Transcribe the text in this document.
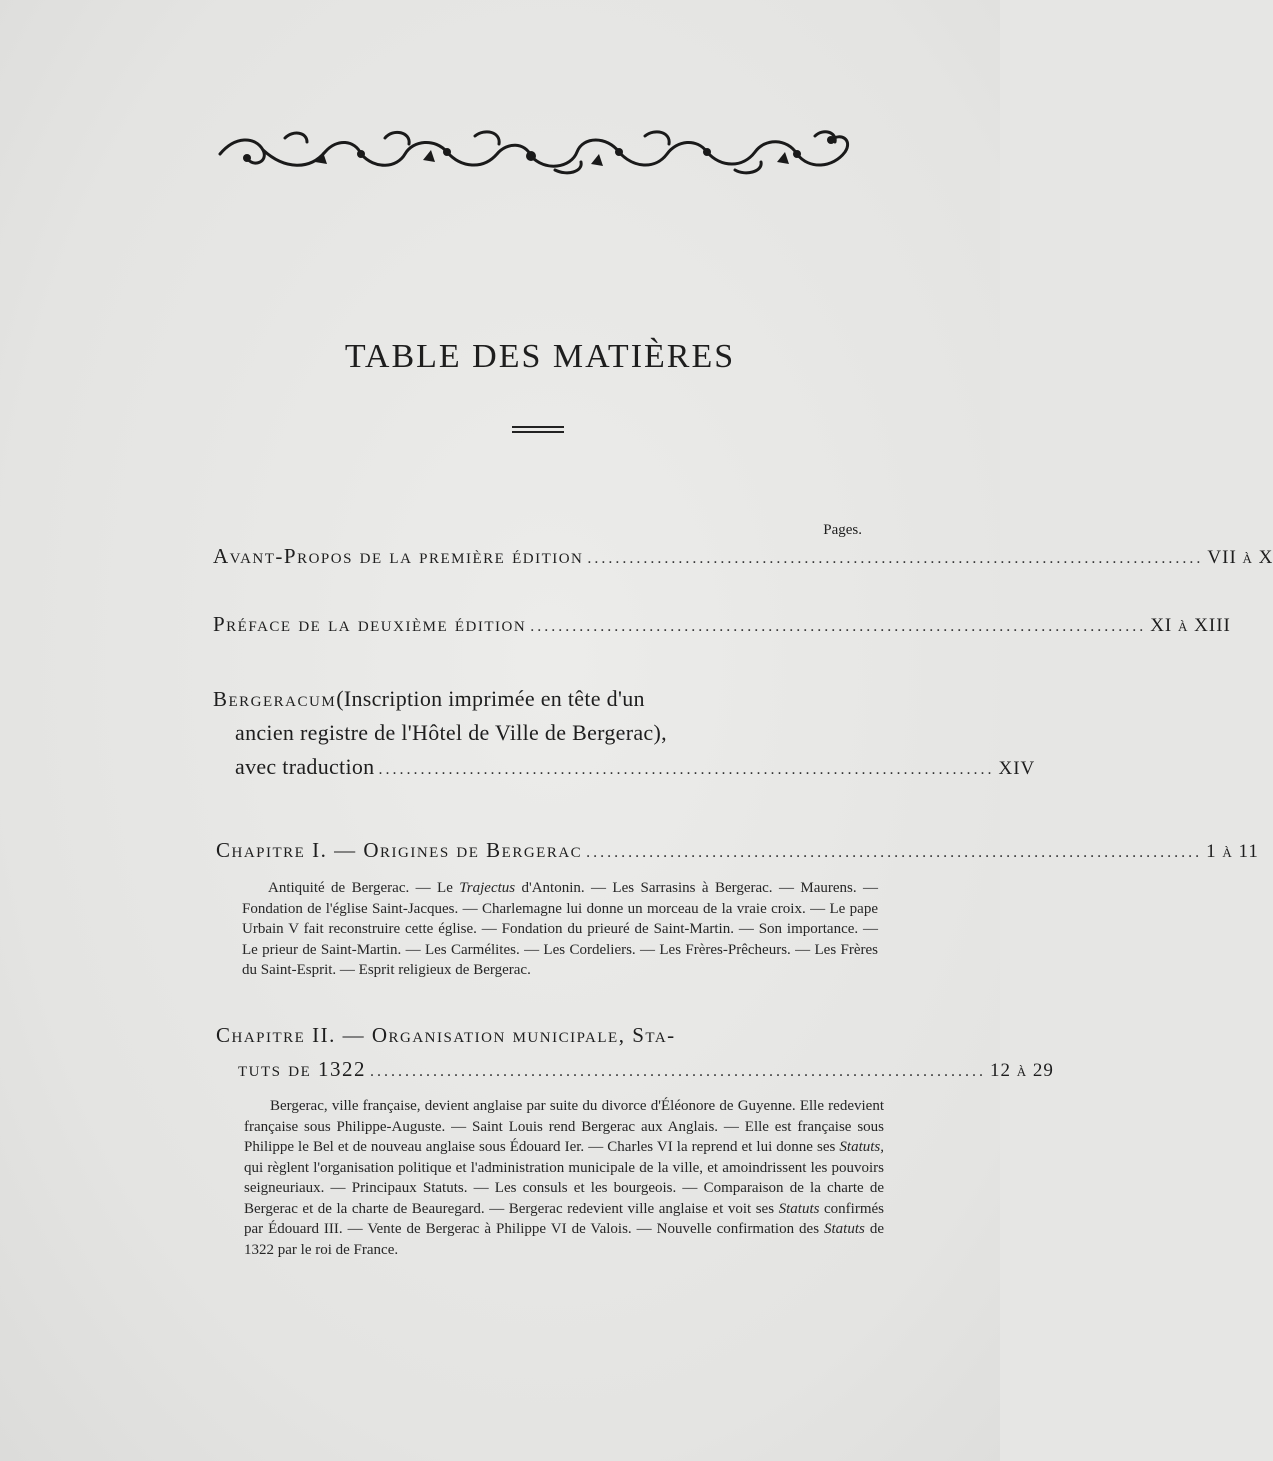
TABLE DES MATIÈRES
Pages.
Avant-Propos de la première édition ........................................................................................ VII à X
Préface de la deuxième édition ........................................................................................ XI à XIII
Bergeracum (Inscription imprimée en tête d'un
ancien registre de l'Hôtel de Ville de Bergerac),
avec traduction ........................................................................................ XIV
Chapitre I. — Origines de Bergerac ........................................................................................ 1 à 11
Antiquité de Bergerac. — Le Trajectus d'Antonin. — Les Sarrasins à Bergerac. — Maurens. — Fondation de l'église Saint-Jacques. — Charlemagne lui donne un morceau de la vraie croix. — Le pape Urbain V fait reconstruire cette église. — Fondation du prieuré de Saint-Martin. — Son importance. — Le prieur de Saint-Martin. — Les Carmélites. — Les Cordeliers. — Les Frères-Prêcheurs. — Les Frères du Saint-Esprit. — Esprit religieux de Bergerac.
Chapitre II. — Organisation municipale, Sta-
tuts de 1322 ........................................................................................ 12 à 29
Bergerac, ville française, devient anglaise par suite du divorce d'Éléonore de Guyenne. Elle redevient française sous Philippe-Auguste. — Saint Louis rend Bergerac aux Anglais. — Elle est française sous Philippe le Bel et de nouveau anglaise sous Édouard Ier. — Charles VI la reprend et lui donne ses Statuts, qui règlent l'organisation politique et l'administration municipale de la ville, et amoindrissent les pouvoirs seigneuriaux. — Principaux Statuts. — Les consuls et les bourgeois. — Comparaison de la charte de Bergerac et de la charte de Beauregard. — Bergerac redevient ville anglaise et voit ses Statuts confirmés par Édouard III. — Vente de Bergerac à Philippe VI de Valois. — Nouvelle confirmation des Statuts de 1322 par le roi de France.
